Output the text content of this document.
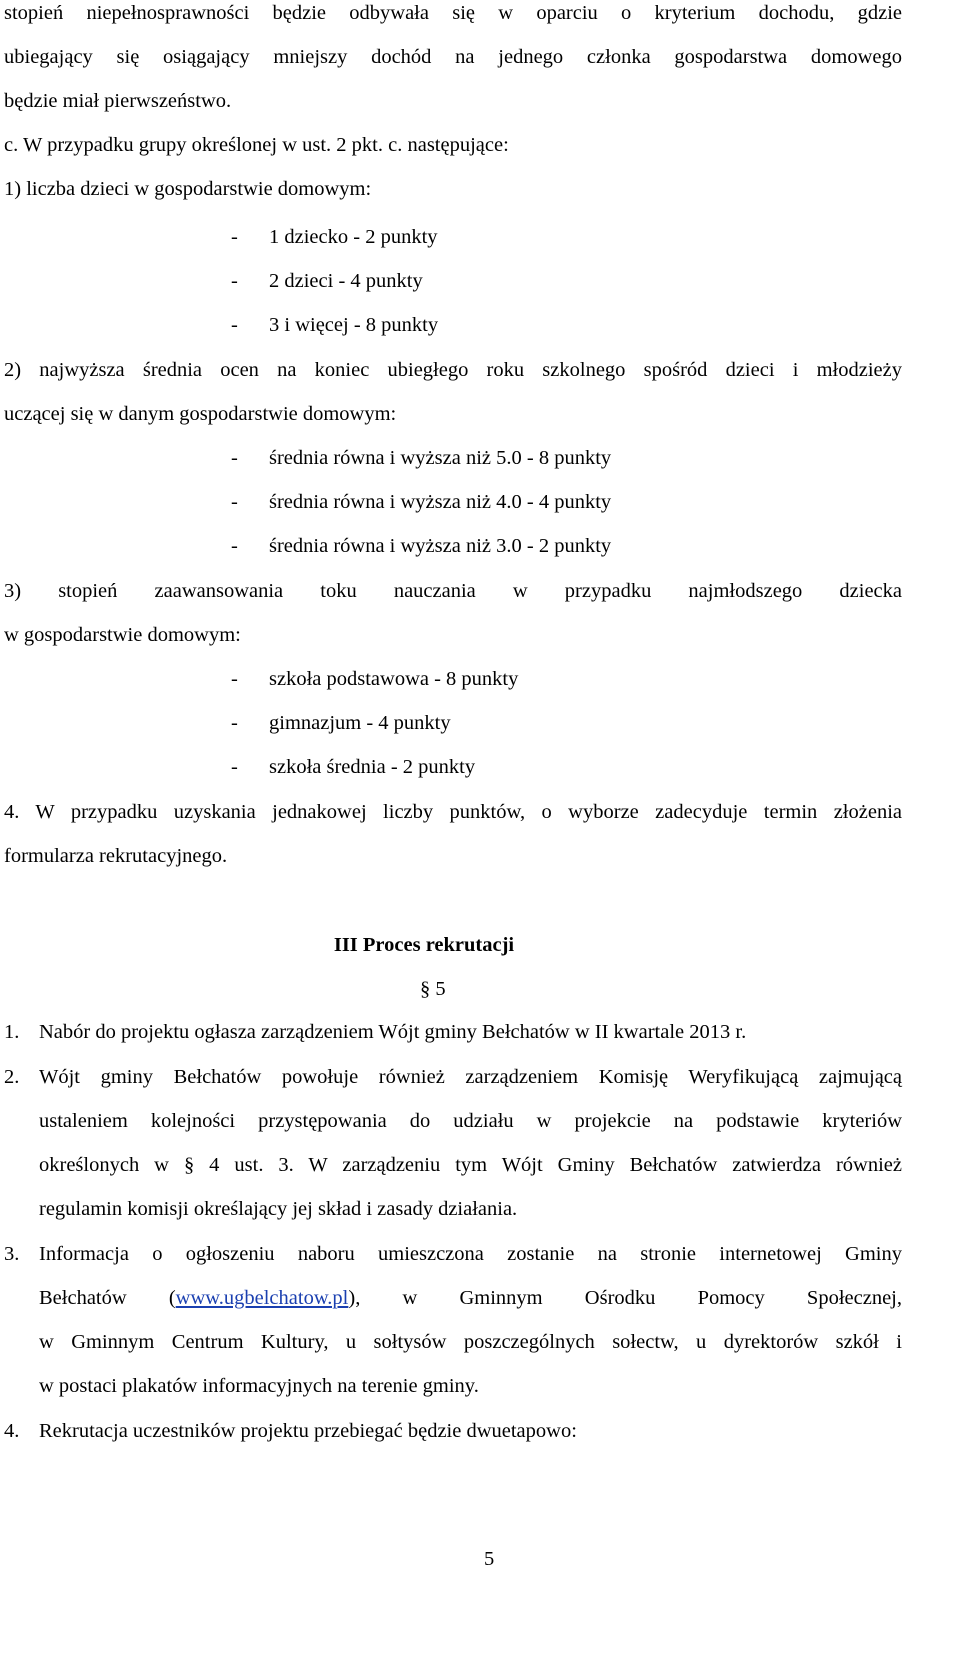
stopień niepełnosprawności będzie odbywała się w oparciu o kryterium dochodu, gdzie
ubiegający się osiągający mniejszy dochód na jednego członka gospodarstwa domowego
będzie miał pierwszeństwo.
c. W przypadku grupy określonej w ust. 2 pkt. c. następujące:
1) liczba dzieci w gospodarstwie domowym:
- 1 dziecko - 2 punkty
- 2 dzieci - 4 punkty
- 3 i więcej - 8 punkty
2) najwyższa średnia ocen na koniec ubiegłego roku szkolnego spośród dzieci i młodzieży
uczącej się w danym gospodarstwie domowym:
- średnia równa i wyższa niż 5.0 - 8 punkty
- średnia równa i wyższa niż 4.0 - 4 punkty
- średnia równa i wyższa niż 3.0 - 2 punkty
3) stopień zaawansowania toku nauczania w przypadku najmłodszego dziecka
w gospodarstwie domowym:
- szkoła podstawowa - 8 punkty
- gimnazjum - 4 punkty
- szkoła średnia - 2 punkty
4. W przypadku uzyskania jednakowej liczby punktów, o wyborze zadecyduje termin złożenia
formularza rekrutacyjnego.
III Proces rekrutacji
§ 5
1. Nabór do projektu ogłasza zarządzeniem Wójt gminy Bełchatów w II kwartale 2013 r.
2. Wójt gminy Bełchatów powołuje również zarządzeniem Komisję Weryfikującą zajmującą
ustaleniem kolejności przystępowania do udziału w projekcie na podstawie kryteriów
określonych w § 4 ust. 3. W zarządzeniu tym Wójt Gminy Bełchatów zatwierdza również
regulamin komisji określający jej skład i zasady działania.
3. Informacja o ogłoszeniu naboru umieszczona zostanie na stronie internetowej Gminy
Bełchatów (www.ugbelchatow.pl), w Gminnym Ośrodku Pomocy Społecznej,
w Gminnym Centrum Kultury, u sołtysów poszczególnych sołectw, u dyrektorów szkół i
w postaci plakatów informacyjnych na terenie gminy.
4. Rekrutacja uczestników projektu przebiegać będzie dwuetapowo:
5
